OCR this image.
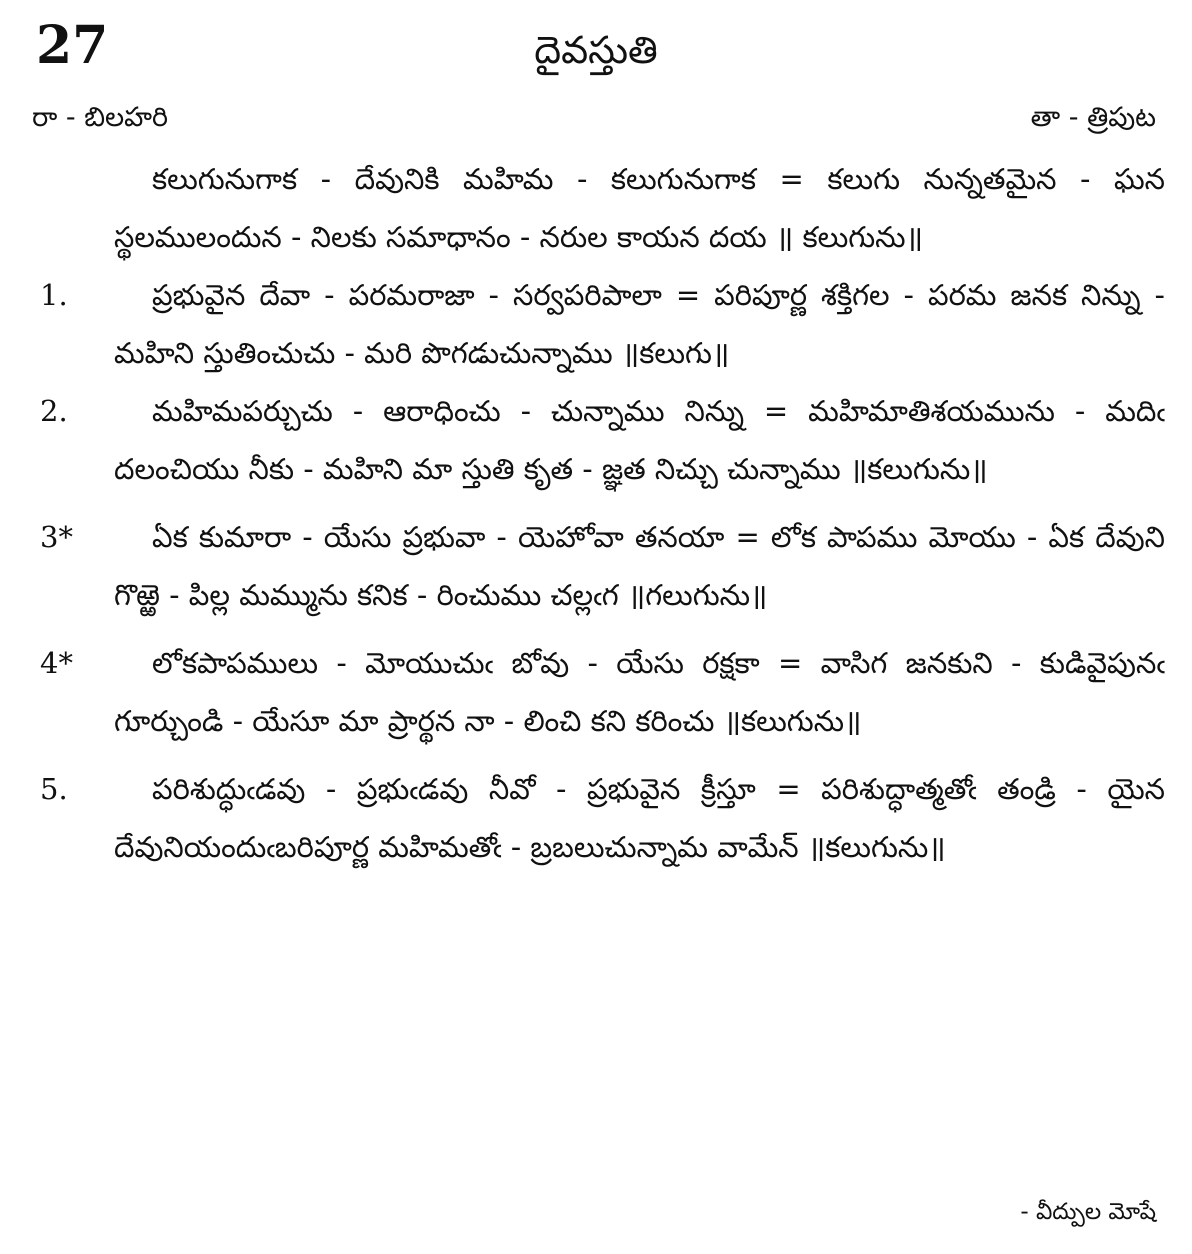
27	దైవస్తుతి
రా - బిలహరి	తా - త్రిపుట
కలుగునుగాక - దేవునికి మహిమ - కలుగునుగాక = కలుగు నున్నతమైన - ఘన స్థలములందున - నిలకు సమాధానం - నరుల కాయన దయ ॥ కలుగును॥
1.	ప్రభువైన దేవా - పరమరాజా - సర్వపరిపాలా = పరిపూర్ణ శక్తిగల - పరమ జనక నిన్ను - మహిని స్తుతించుచు - మరి పొగడుచున్నాము ॥కలుగు॥
2.	మహిమపర్చుచు - ఆరాధించు - చున్నాము నిన్ను = మహిమాతిశయమును - మదిఁ దలంచియు నీకు - మహిని మా స్తుతి కృత - జ్ఞత నిచ్చు చున్నాము ॥కలుగును॥
3*	ఏక కుమారా - యేసు ప్రభువా - యెహోవా తనయా = లోక పాపము మోయు - ఏక దేవుని గొఱ్ఱె - పిల్ల మమ్మును కనిక - రించుము చల్లఁగ ॥గలుగును॥
4*	లోకపాపములు - మోయుచుఁ బోవు - యేసు రక్షకా = వాసిగ జనకుని - కుడివైపునఁ గూర్చుండి - యేసూ మా ప్రార్థన నా - లించి కని కరించు ॥కలుగును॥
5.	పరిశుద్ధుఁడవు - ప్రభుఁడవు నీవో - ప్రభువైన క్రీస్తూ = పరిశుద్ధాత్మతోఁ తండ్రి - యైన దేవునియందుఁబరిపూర్ణ మహిమతోఁ - బ్రబలుచున్నామ వామేన్ ॥కలుగును॥
- వీద్పుల మోషే
